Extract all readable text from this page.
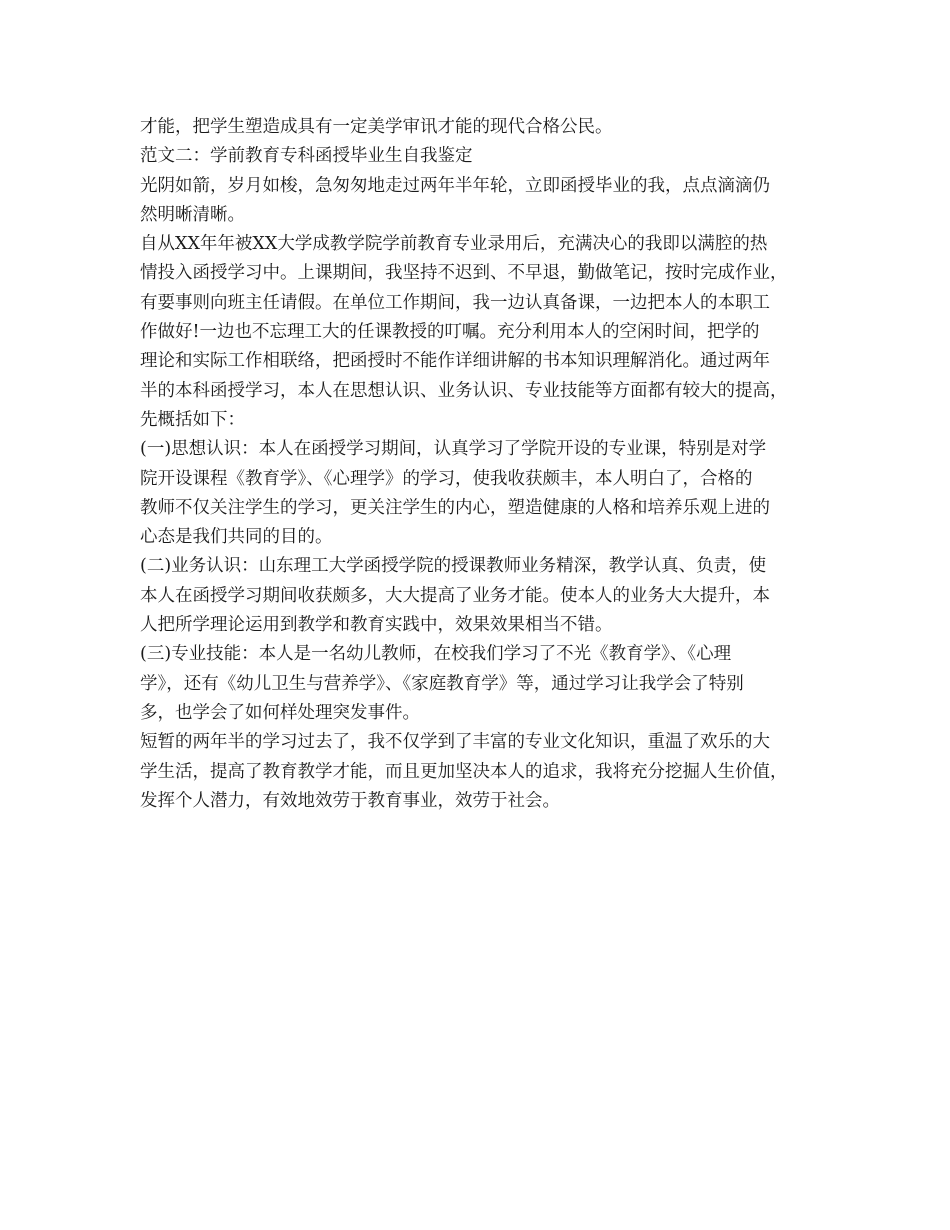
才能，把学生塑造成具有一定美学审讯才能的现代合格公民。
范文二：学前教育专科函授毕业生自我鉴定
光阴如箭，岁月如梭，急匆匆地走过两年半年轮，立即函授毕业的我，点点滴滴仍
然明晰清晰。
自从XX年年被XX大学成教学院学前教育专业录用后，充满决心的我即以满腔的热
情投入函授学习中。上课期间，我坚持不迟到、不早退，勤做笔记，按时完成作业，
有要事则向班主任请假。在单位工作期间，我一边认真备课，一边把本人的本职工
作做好!一边也不忘理工大的任课教授的叮嘱。充分利用本人的空闲时间，把学的
理论和实际工作相联络，把函授时不能作详细讲解的书本知识理解消化。通过两年
半的本科函授学习，本人在思想认识、业务认识、专业技能等方面都有较大的提高，
先概括如下：
(一)思想认识：本人在函授学习期间，认真学习了学院开设的专业课，特别是对学
院开设课程《教育学》、《心理学》的学习，使我收获颇丰，本人明白了，合格的
教师不仅关注学生的学习，更关注学生的内心，塑造健康的人格和培养乐观上进的
心态是我们共同的目的。
(二)业务认识：山东理工大学函授学院的授课教师业务精深，教学认真、负责，使
本人在函授学习期间收获颇多，大大提高了业务才能。使本人的业务大大提升，本
人把所学理论运用到教学和教育实践中，效果效果相当不错。
(三)专业技能：本人是一名幼儿教师，在校我们学习了不光《教育学》、《心理
学》，还有《幼儿卫生与营养学》、《家庭教育学》等，通过学习让我学会了特别
多，也学会了如何样处理突发事件。
短暂的两年半的学习过去了，我不仅学到了丰富的专业文化知识，重温了欢乐的大
学生活，提高了教育教学才能，而且更加坚决本人的追求，我将充分挖掘人生价值，
发挥个人潜力，有效地效劳于教育事业，效劳于社会。
